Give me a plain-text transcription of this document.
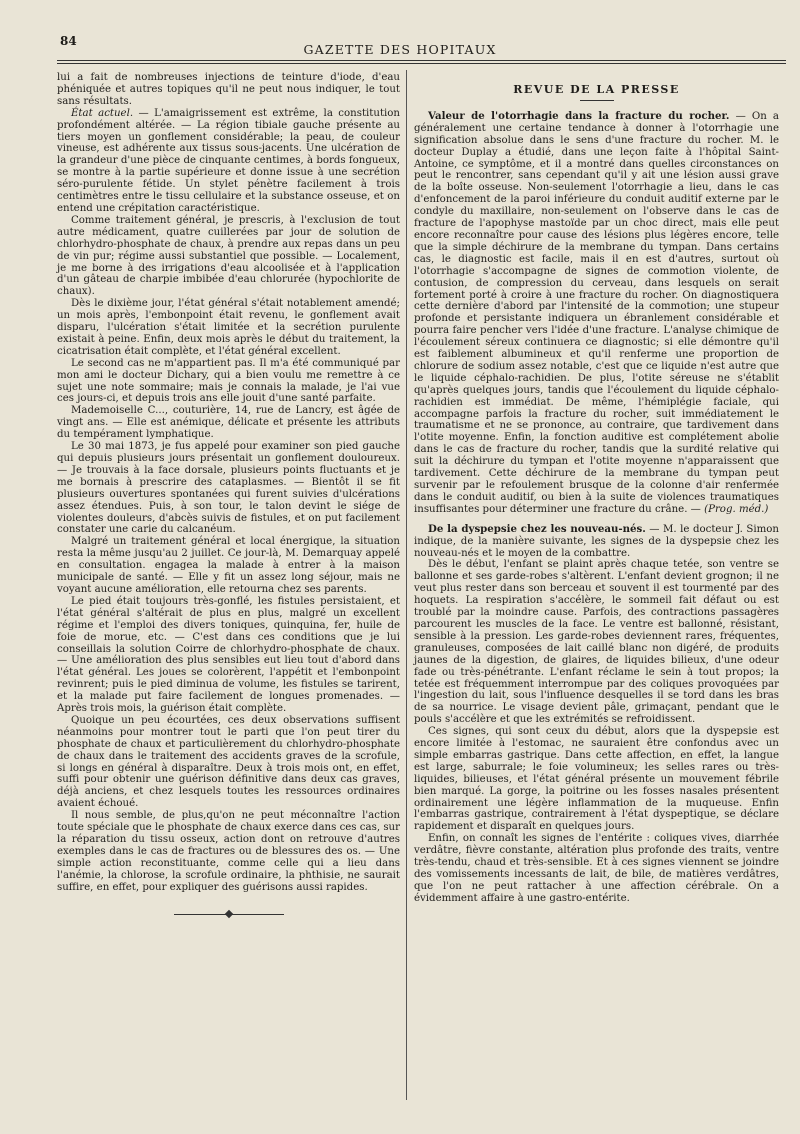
84
GAZETTE DES HOPITAUX

lui a fait de nombreuses injections de teinture d'iode, d'eau phéniquée et autres topiques qu'il ne peut nous indiquer, le tout sans résultats.

État actuel. — L'amaigrissement est extrême, la constitution profondément altérée. — La région tibiale gauche présente au tiers moyen un gonflement considérable; la peau, de couleur vineuse, est adhérente aux tissus sous-jacents. Une ulcération de la grandeur d'une pièce de cinquante centimes, à bords fongueux, se montre à la partie supérieure et donne issue à une secrétion séro-purulente fétide. Un stylet pénètre facilement à trois centimètres entre le tissu cellulaire et la substance osseuse, et on entend une crépitation caractéristique.

Comme traitement général, je prescris, à l'exclusion de tout autre médicament, quatre cuillerées par jour de solution de chlorhydro-phosphate de chaux, à prendre aux repas dans un peu de vin pur; régime aussi substantiel que possible. — Localement, je me borne à des irrigations d'eau alcoolisée et à l'application d'un gâteau de charpie imbibée d'eau chlorurée (hypochlorite de chaux).

Dès le dixième jour, l'état général s'était notablement amendé; un mois après, l'embonpoint était revenu, le gonflement avait disparu, l'ulcération s'était limitée et la secrétion purulente existait à peine. Enfin, deux mois après le début du traitement, la cicatrisation était complète, et l'état général excellent.

Le second cas ne m'appartient pas. Il m'a été communiqué par mon ami le docteur Dichary, qui a bien voulu me remettre à ce sujet une note sommaire; mais je connais la malade, je l'ai vue ces jours-ci, et depuis trois ans elle jouit d'une santé parfaite.

Mademoiselle C..., couturière, 14, rue de Lancry, est âgée de vingt ans. — Elle est anémique, délicate et présente les attributs du tempérament lymphatique.

Le 30 mai 1873, je fus appelé pour examiner son pied gauche qui depuis plusieurs jours présentait un gonflement douloureux. — Je trouvais à la face dorsale, plusieurs points fluctuants et je me bornais à prescrire des cataplasmes. — Bientôt il se fit plusieurs ouvertures spontanées qui furent suivies d'ulcérations assez étendues. Puis, à son tour, le talon devint le siége de violentes douleurs, d'abcès suivis de fistules, et on put facilement constater une carie du calcanéum.

Malgré un traitement général et local énergique, la situation resta la même jusqu'au 2 juillet. Ce jour-là, M. Demarquay appelé en consultation. engagea la malade à entrer à la maison municipale de santé. — Elle y fit un assez long séjour, mais ne voyant aucune amélioration, elle retourna chez ses parents.

Le pied était toujours très-gonflé, les fistules persistaient, et l'état général s'altérait de plus en plus, malgré un excellent régime et l'emploi des divers toniques, quinquina, fer, huile de foie de morue, etc. — C'est dans ces conditions que je lui conseillais la solution Coirre de chlorhydro-phosphate de chaux. — Une amélioration des plus sensibles eut lieu tout d'abord dans l'état général. Les joues se colorèrent, l'appétit et l'embonpoint revinrent; puis le pied diminua de volume, les fistules se tarirent, et la malade put faire facilement de longues promenades. — Après trois mois, la guérison était complète.

Quoique un peu écourtées, ces deux observations suffisent néanmoins pour montrer tout le parti que l'on peut tirer du phosphate de chaux et particulièrement du chlorhydro-phosphate de chaux dans le traitement des accidents graves de la scrofule, si longs en général à disparaître. Deux à trois mois ont, en effet, suffi pour obtenir une guérison définitive dans deux cas graves, déjà anciens, et chez lesquels toutes les ressources ordinaires avaient échoué.

Il nous semble, de plus,qu'on ne peut méconnaître l'action toute spéciale que le phosphate de chaux exerce dans ces cas, sur la réparation du tissu osseux, action dont on retrouve d'autres exemples dans le cas de fractures ou de blessures des os. — Une simple action reconstituante, comme celle qui a lieu dans l'anémie, la chlorose, la scrofule ordinaire, la phthisie, ne saurait suffire, en effet, pour expliquer des guérisons aussi rapides.

REVUE DE LA PRESSE

Valeur de l'otorrhagie dans la fracture du rocher. — On a généralement une certaine tendance à donner à l'otorrhagie une signification absolue dans le sens d'une fracture du rocher. M. le docteur Duplay a étudié, dans une leçon faite à l'hôpital Saint-Antoine, ce symptôme, et il a montré dans quelles circonstances on peut le rencontrer, sans cependant qu'il y ait une lésion aussi grave de la boîte osseuse. Non-seulement l'otorrhagie a lieu, dans le cas d'enfoncement de la paroi inférieure du conduit auditif externe par le condyle du maxillaire, non-seulement on l'observe dans le cas de fracture de l'apophyse mastoïde par un choc direct, mais elle peut encore reconnaître pour cause des lésions plus légères encore, telle que la simple déchirure de la membrane du tympan. Dans certains cas, le diagnostic est facile, mais il en est d'autres, surtout où l'otorrhagie s'accompagne de signes de commotion violente, de contusion, de compression du cerveau, dans lesquels on serait fortement porté à croire à une fracture du rocher. On diagnostiquera cette dernière d'abord par l'intensité de la commotion; une stupeur profonde et persistante indiquera un ébranlement considérable et pourra faire pencher vers l'idée d'une fracture. L'analyse chimique de l'écoulement séreux continuera ce diagnostic; si elle démontre qu'il est faiblement albumineux et qu'il renferme une proportion de chlorure de sodium assez notable, c'est que ce liquide n'est autre que le liquide céphalo-rachidien. De plus, l'otite séreuse ne s'établit qu'après quelques jours, tandis que l'écoulement du liquide céphalo-rachidien est immédiat. De même, l'hémiplégie faciale, qui accompagne parfois la fracture du rocher, suit immédiatement le traumatisme et ne se prononce, au contraire, que tardivement dans l'otite moyenne. Enfin, la fonction auditive est complétement abolie dans le cas de fracture du rocher, tandis que la surdité relative qui suit la déchirure du tympan et l'otite moyenne n'apparaissent que tardivement. Cette déchirure de la membrane du tympan peut survenir par le refoulement brusque de la colonne d'air renfermée dans le conduit auditif, ou bien à la suite de violences traumatiques insuffisantes pour déterminer une fracture du crâne. — (Prog. méd.)

De la dyspepsie chez les nouveau-nés. — M. le docteur J. Simon indique, de la manière suivante, les signes de la dyspepsie chez les nouveau-nés et le moyen de la combattre.

Dès le début, l'enfant se plaint après chaque tetée, son ventre se ballonne et ses garde-robes s'altèrent. L'enfant devient grognon; il ne veut plus rester dans son berceau et souvent il est tourmenté par des hoquets. La respiration s'accélère, le sommeil fait défaut ou est troublé par la moindre cause. Parfois, des contractions passagères parcourent les muscles de la face. Le ventre est ballonné, résistant, sensible à la pression. Les garde-robes deviennent rares, fréquentes, granuleuses, composées de lait caillé blanc non digéré, de produits jaunes de la digestion, de glaires, de liquides bilieux, d'une odeur fade ou très-pénétrante. L'enfant réclame le sein à tout propos; la tetée est fréquemment interrompue par des coliques provoquées par l'ingestion du lait, sous l'influence desquelles il se tord dans les bras de sa nourrice. Le visage devient pâle, grimaçant, pendant que le pouls s'accélère et que les extrémités se refroidissent.

Ces signes, qui sont ceux du début, alors que la dyspepsie est encore limitée à l'estomac, ne sauraient être confondus avec un simple embarras gastrique. Dans cette affection, en effet, la langue est large, saburrale; le foie volumineux; les selles rares ou très-liquides, bilieuses, et l'état général présente un mouvement fébrile bien marqué. La gorge, la poitrine ou les fosses nasales présentent ordinairement une légère inflammation de la muqueuse. Enfin l'embarras gastrique, contrairement à l'état dyspeptique, se déclare rapidement et disparaît en quelques jours.

Enfin, on connaît les signes de l'entérite : coliques vives, diarrhée verdâtre, fièvre constante, altération plus profonde des traits, ventre très-tendu, chaud et très-sensible. Et à ces signes viennent se joindre des vomissements incessants de lait, de bile, de matières verdâtres, que l'on ne peut rattacher à une affection cérébrale. On a évidemment affaire à une gastro-entérite.
